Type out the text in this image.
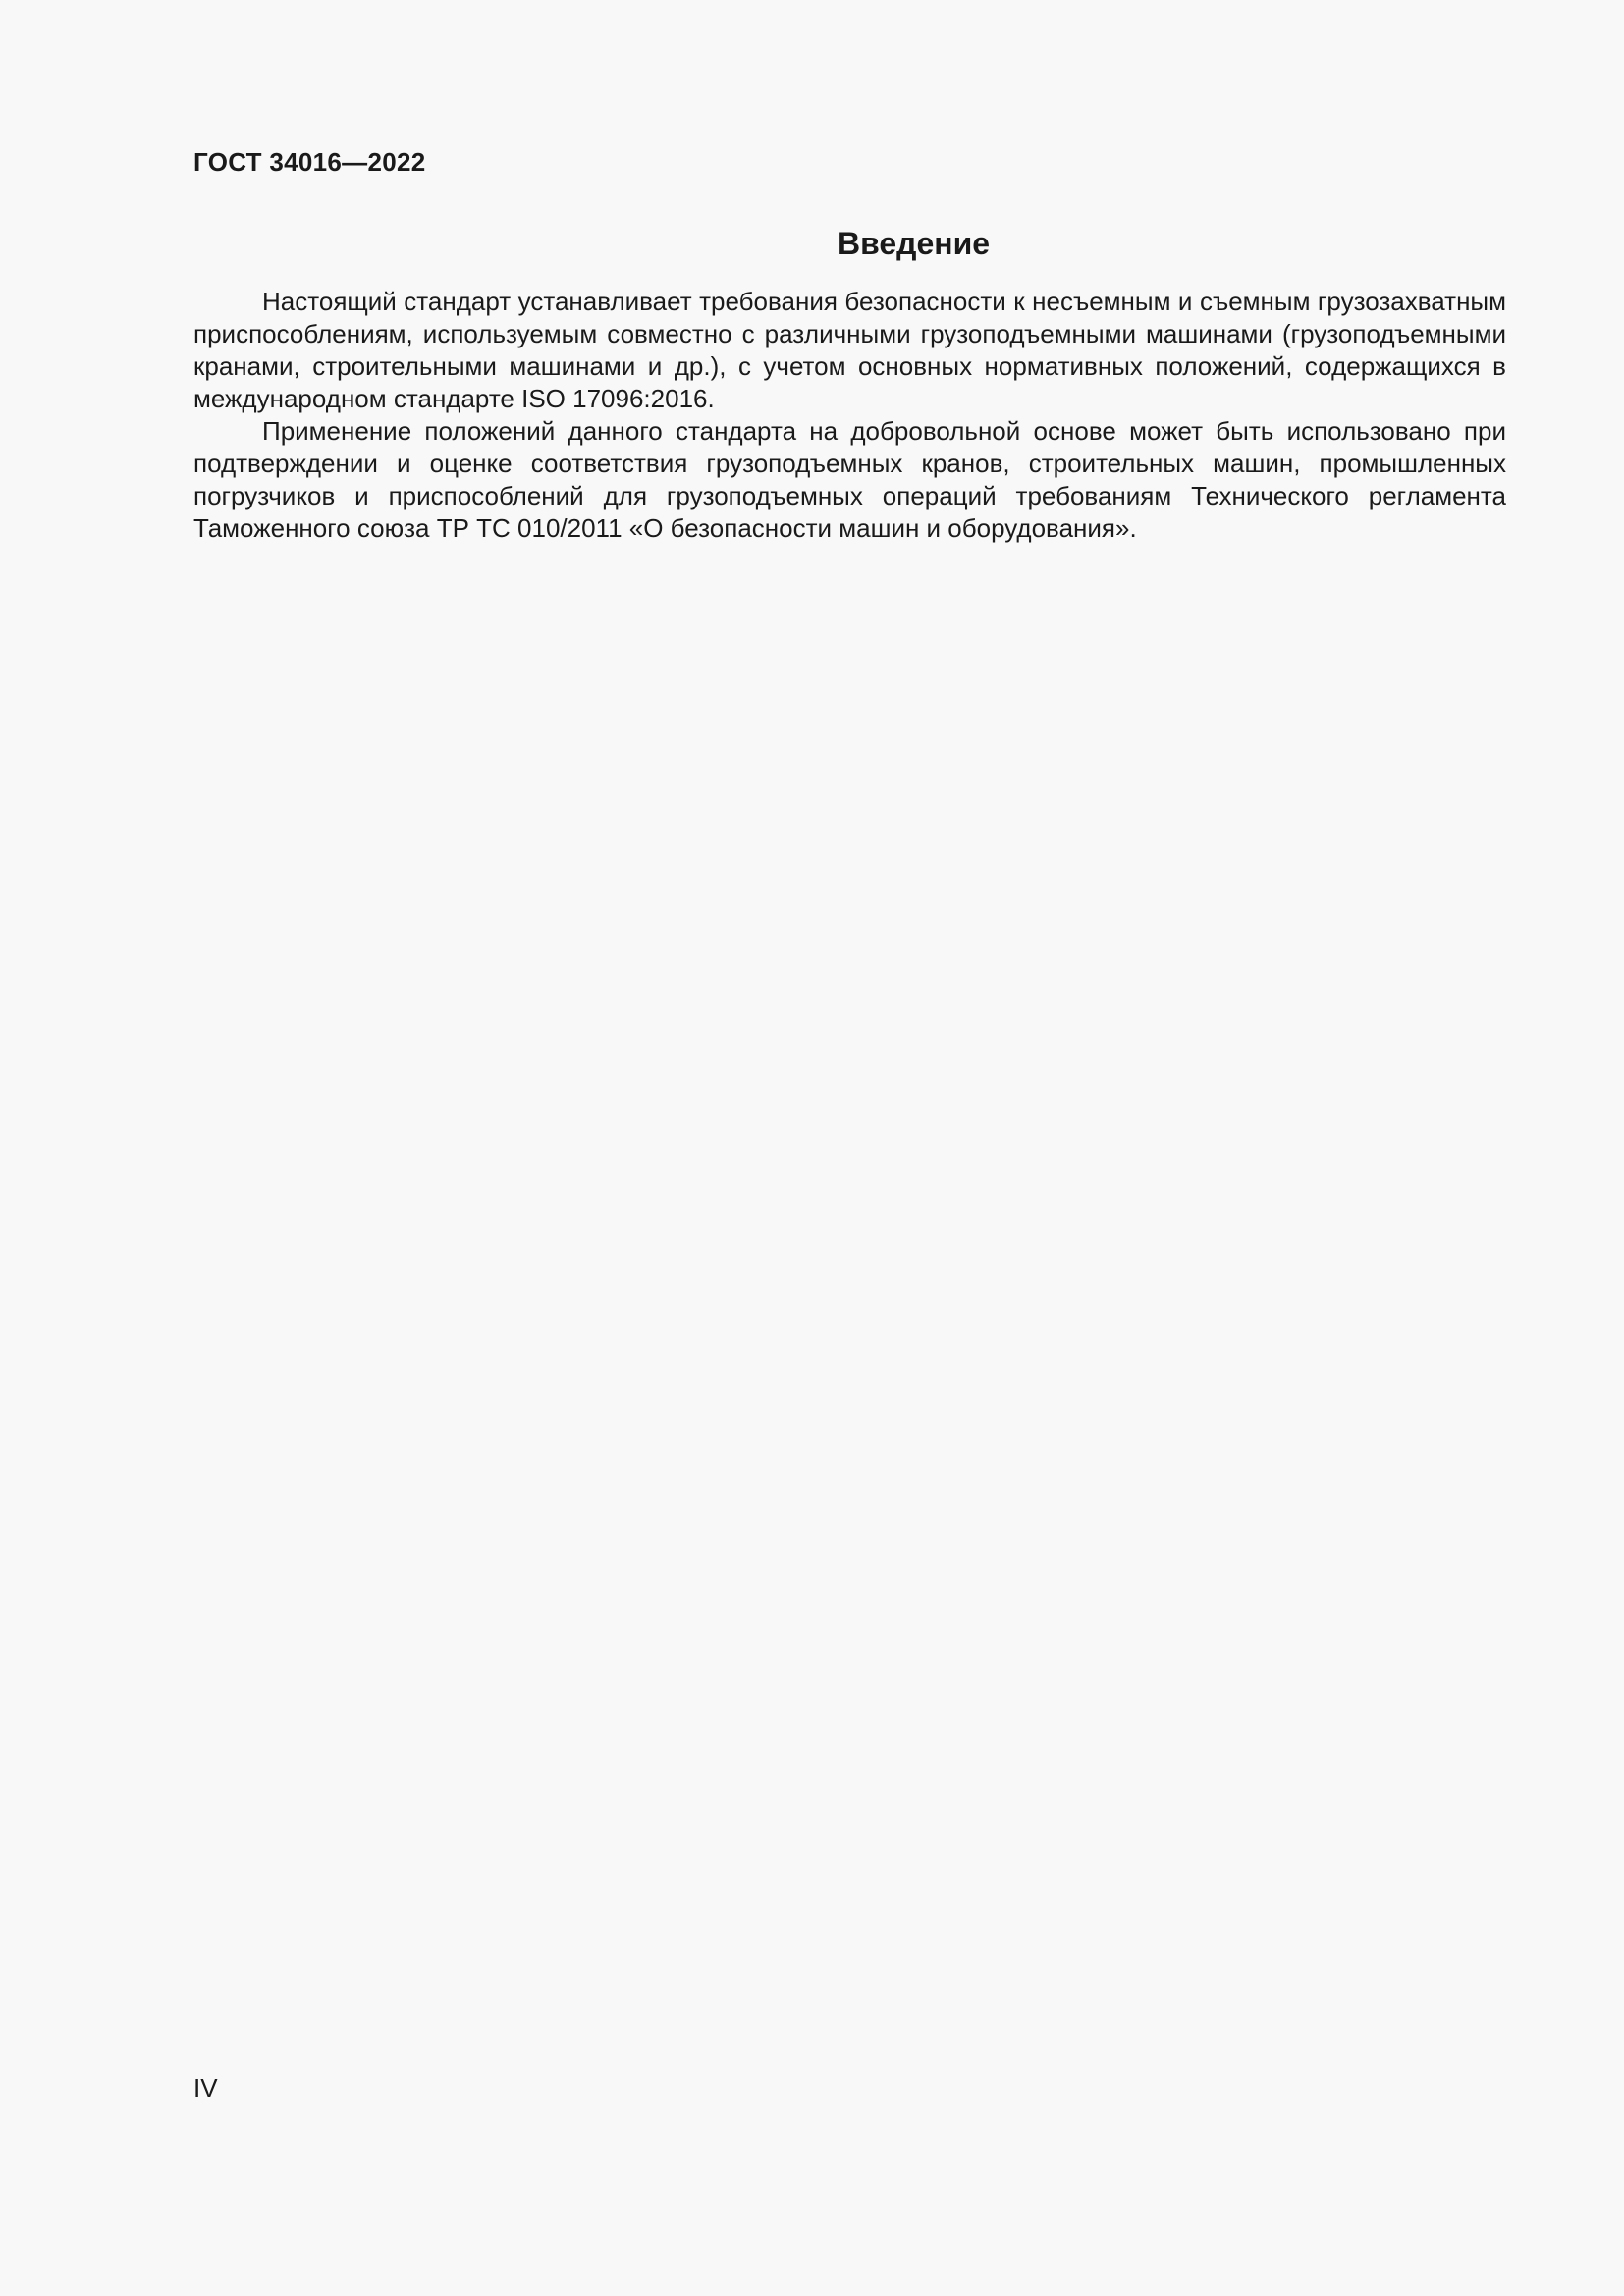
ГОСТ 34016—2022
Введение

Настоящий стандарт устанавливает требования безопасности к несъемным и съемным грузозахватным приспособлениям, используемым совместно с различными грузоподъемными машинами (грузоподъемными кранами, строительными машинами и др.), с учетом основных нормативных положений, содержащихся в международном стандарте ISO 17096:2016.

Применение положений данного стандарта на добровольной основе может быть использовано при подтверждении и оценке соответствия грузоподъемных кранов, строительных машин, промышленных погрузчиков и приспособлений для грузоподъемных операций требованиям Технического регламента Таможенного союза ТР ТС 010/2011 «О безопасности машин и оборудования».

IV
